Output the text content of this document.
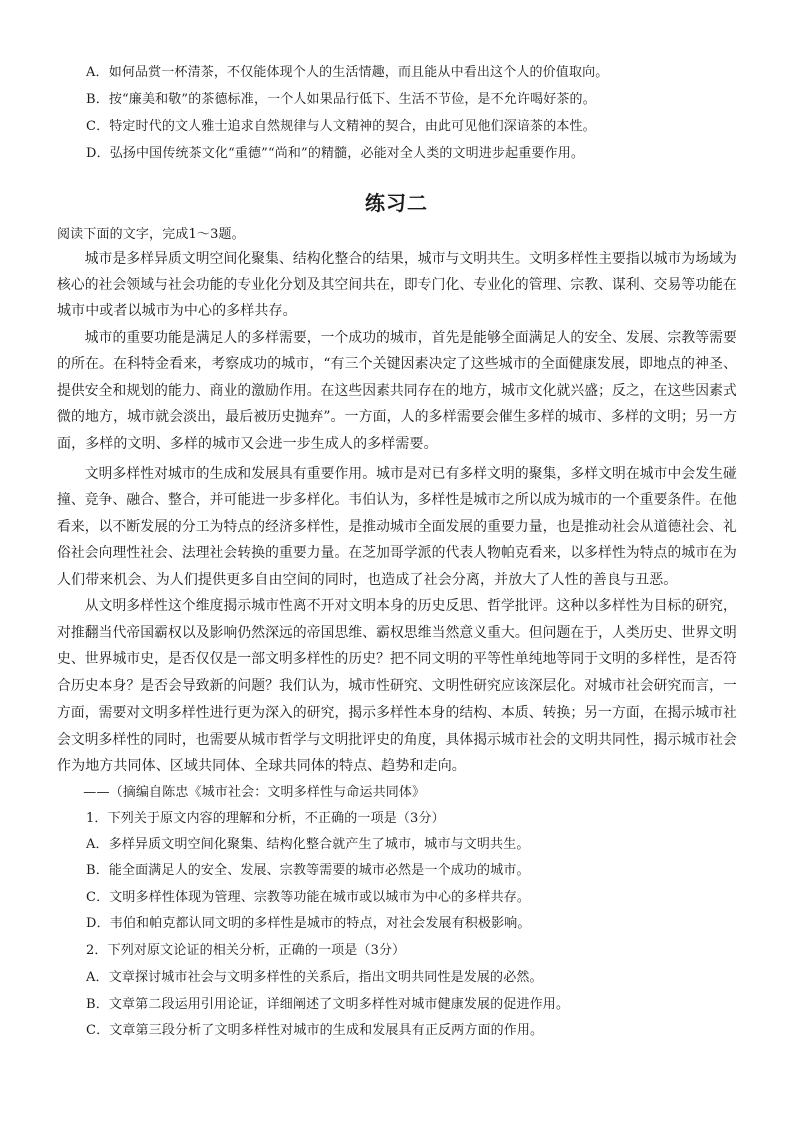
A．如何品赏一杯清茶，不仅能体现个人的生活情趣，而且能从中看出这个人的价值取向。
B．按“廉美和敬”的茶德标准，一个人如果品行低下、生活不节俭，是不允许喝好茶的。
C．特定时代的文人雅士追求自然规律与人文精神的契合，由此可见他们深谙茶的本性。
D．弘扬中国传统茶文化“重德”“尚和”的精髓，必能对全人类的文明进步起重要作用。
练习二
阅读下面的文字，完成1～3题。
　　城市是多样异质文明空间化聚集、结构化整合的结果，城市与文明共生。文明多样性主要指以城市为场域为
核心的社会领域与社会功能的专业化分划及其空间共在，即专门化、专业化的管理、宗教、谋利、交易等功能在
城市中或者以城市为中心的多样共存。
　　城市的重要功能是满足人的多样需要，一个成功的城市，首先是能够全面满足人的安全、发展、宗教等需要
的所在。在科特金看来，考察成功的城市，“有三个关键因素决定了这些城市的全面健康发展，即地点的神圣、
提供安全和规划的能力、商业的激励作用。在这些因素共同存在的地方，城市文化就兴盛；反之，在这些因素式
微的地方，城市就会淡出，最后被历史抛弃”。一方面，人的多样需要会催生多样的城市、多样的文明；另一方
面，多样的文明、多样的城市又会进一步生成人的多样需要。
　　文明多样性对城市的生成和发展具有重要作用。城市是对已有多样文明的聚集，多样文明在城市中会发生碰
撞、竞争、融合、整合，并可能进一步多样化。韦伯认为，多样性是城市之所以成为城市的一个重要条件。在他
看来，以不断发展的分工为特点的经济多样性，是推动城市全面发展的重要力量，也是推动社会从道德社会、礼
俗社会向理性社会、法理社会转换的重要力量。在芝加哥学派的代表人物帕克看来，以多样性为特点的城市在为
人们带来机会、为人们提供更多自由空间的同时，也造成了社会分离，并放大了人性的善良与丑恶。
　　从文明多样性这个维度揭示城市性离不开对文明本身的历史反思、哲学批评。这种以多样性为目标的研究，
对推翻当代帝国霸权以及影响仍然深远的帝国思维、霸权思维当然意义重大。但问题在于，人类历史、世界文明
史、世界城市史，是否仅仅是一部文明多样性的历史？把不同文明的平等性单纯地等同于文明的多样性，是否符
合历史本身？是否会导致新的问题？我们认为，城市性研究、文明性研究应该深层化。对城市社会研究而言，一
方面，需要对文明多样性进行更为深入的研究，揭示多样性本身的结构、本质、转换；另一方面，在揭示城市社
会文明多样性的同时，也需要从城市哲学与文明批评史的角度，具体揭示城市社会的文明共同性，揭示城市社会
作为地方共同体、区域共同体、全球共同体的特点、趋势和走向。
　　——（摘编自陈忠《城市社会：文明多样性与命运共同体》
1．下列关于原文内容的理解和分析，不正确的一项是（3分）
A．多样异质文明空间化聚集、结构化整合就产生了城市，城市与文明共生。
B．能全面满足人的安全、发展、宗教等需要的城市必然是一个成功的城市。
C．文明多样性体现为管理、宗教等功能在城市或以城市为中心的多样共存。
D．韦伯和帕克都认同文明的多样性是城市的特点，对社会发展有积极影响。
2．下列对原文论证的相关分析，正确的一项是（3分）
A．文章探讨城市社会与文明多样性的关系后，指出文明共同性是发展的必然。
B．文章第二段运用引用论证，详细阐述了文明多样性对城市健康发展的促进作用。
C．文章第三段分析了文明多样性对城市的生成和发展具有正反两方面的作用。
